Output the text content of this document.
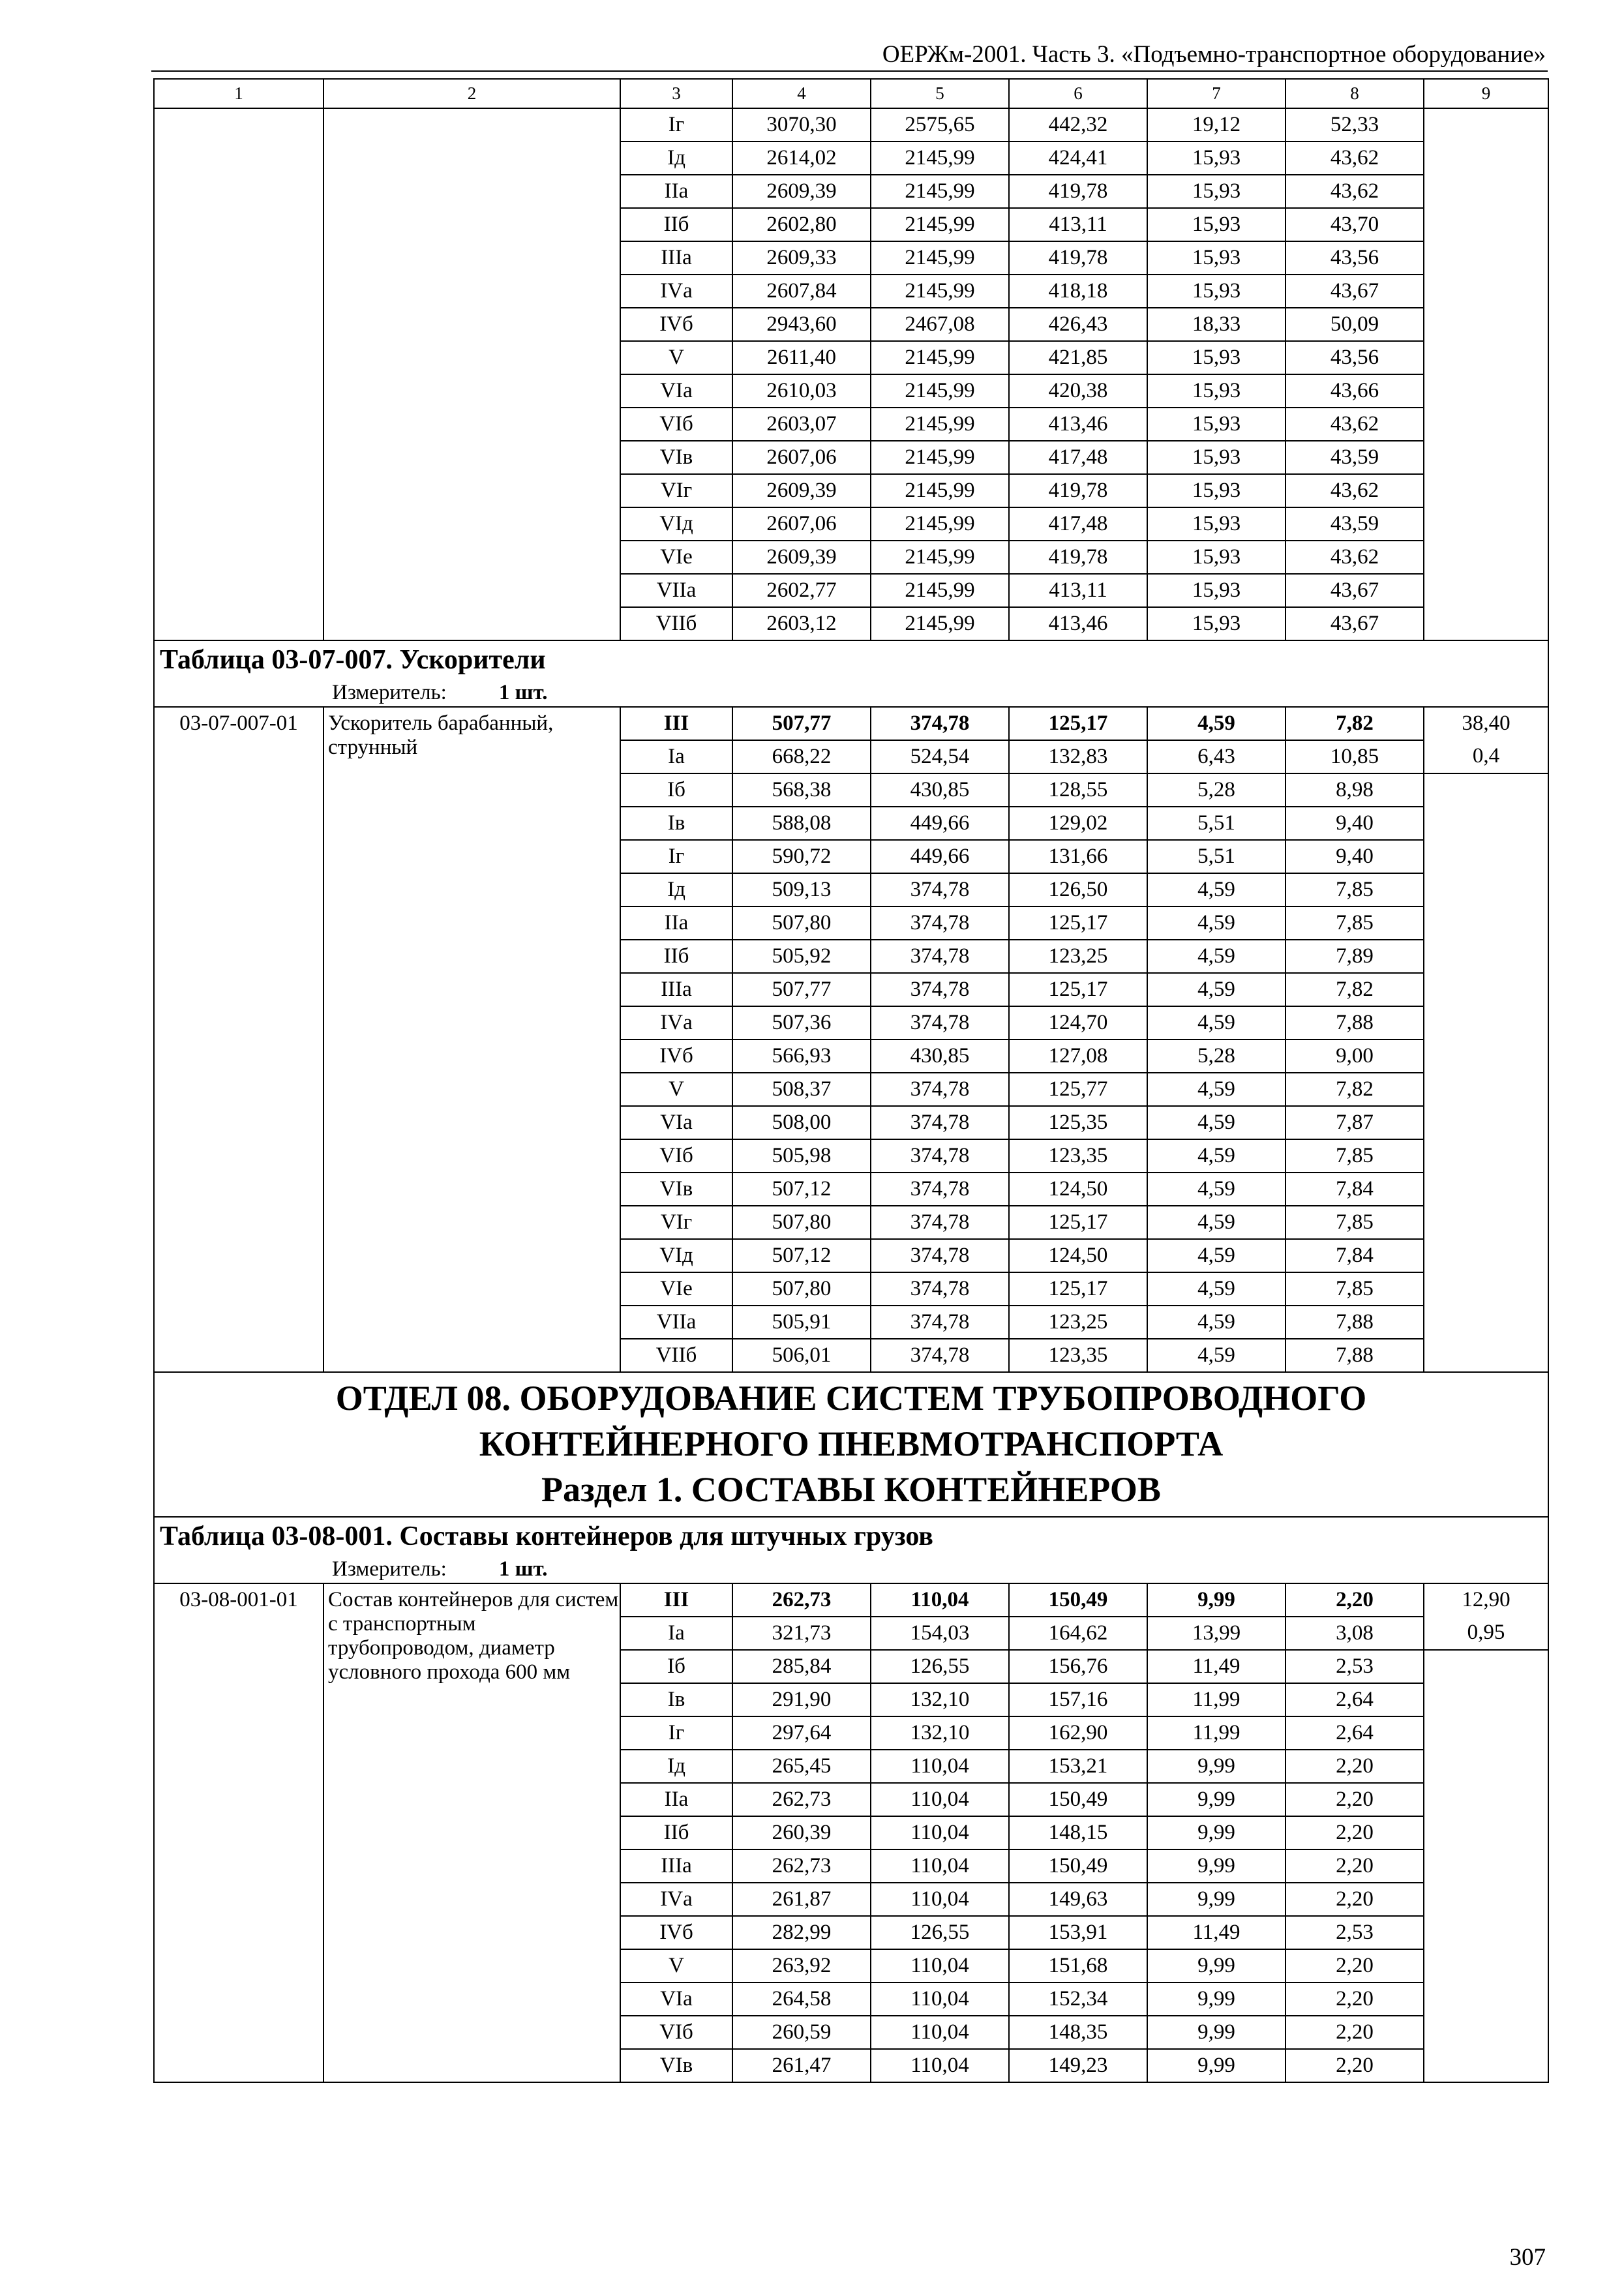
ОЕРЖм-2001. Часть 3. «Подъемно-транспортное оборудование»
1	2	3	4	5	6	7	8	9
		Iг	3070,30	2575,65	442,32	19,12	52,33	
		Iд	2614,02	2145,99	424,41	15,93	43,62	
		IIа	2609,39	2145,99	419,78	15,93	43,62	
		IIб	2602,80	2145,99	413,11	15,93	43,70	
		IIIа	2609,33	2145,99	419,78	15,93	43,56	
		IVа	2607,84	2145,99	418,18	15,93	43,67	
		IVб	2943,60	2467,08	426,43	18,33	50,09	
		V	2611,40	2145,99	421,85	15,93	43,56	
		VIа	2610,03	2145,99	420,38	15,93	43,66	
		VIб	2603,07	2145,99	413,46	15,93	43,62	
		VIв	2607,06	2145,99	417,48	15,93	43,59	
		VIг	2609,39	2145,99	419,78	15,93	43,62	
		VIд	2607,06	2145,99	417,48	15,93	43,59	
		VIе	2609,39	2145,99	419,78	15,93	43,62	
		VIIа	2602,77	2145,99	413,11	15,93	43,67	
		VIIб	2603,12	2145,99	413,46	15,93	43,67	
Таблица 03-07-007. Ускорители								
Измеритель: 1 шт.								
03-07-007-01	Ускоритель барабанный, струнный	III	507,77	374,78	125,17	4,59	7,82	38,40
		Iа	668,22	524,54	132,83	6,43	10,85	0,4
		Iб	568,38	430,85	128,55	5,28	8,98	
		Iв	588,08	449,66	129,02	5,51	9,40	
		Iг	590,72	449,66	131,66	5,51	9,40	
		Iд	509,13	374,78	126,50	4,59	7,85	
		IIа	507,80	374,78	125,17	4,59	7,85	
		IIб	505,92	374,78	123,25	4,59	7,89	
		IIIа	507,77	374,78	125,17	4,59	7,82	
		IVа	507,36	374,78	124,70	4,59	7,88	
		IVб	566,93	430,85	127,08	5,28	9,00	
		V	508,37	374,78	125,77	4,59	7,82	
		VIа	508,00	374,78	125,35	4,59	7,87	
		VIб	505,98	374,78	123,35	4,59	7,85	
		VIв	507,12	374,78	124,50	4,59	7,84	
		VIг	507,80	374,78	125,17	4,59	7,85	
		VIд	507,12	374,78	124,50	4,59	7,84	
		VIе	507,80	374,78	125,17	4,59	7,85	
		VIIа	505,91	374,78	123,25	4,59	7,88	
		VIIб	506,01	374,78	123,35	4,59	7,88	

ОТДЕЛ 08. ОБОРУДОВАНИЕ СИСТЕМ ТРУБОПРОВОДНОГО
КОНТЕЙНЕРНОГО ПНЕВМОТРАНСПОРТА
Раздел 1. СОСТАВЫ КОНТЕЙНЕРОВ								

Таблица 03-08-001. Составы контейнеров для штучных грузов								
Измеритель: 1 шт.								
03-08-001-01	Состав контейнеров для систем с транспортным трубопроводом, диаметр условного прохода 600 мм	III	262,73	110,04	150,49	9,99	2,20	12,90
		Iа	321,73	154,03	164,62	13,99	3,08	0,95
		Iб	285,84	126,55	156,76	11,49	2,53	
		Iв	291,90	132,10	157,16	11,99	2,64	
		Iг	297,64	132,10	162,90	11,99	2,64	
		Iд	265,45	110,04	153,21	9,99	2,20	
		IIа	262,73	110,04	150,49	9,99	2,20	
		IIб	260,39	110,04	148,15	9,99	2,20	
		IIIа	262,73	110,04	150,49	9,99	2,20	
		IVа	261,87	110,04	149,63	9,99	2,20	
		IVб	282,99	126,55	153,91	11,49	2,53	
		V	263,92	110,04	151,68	9,99	2,20	
		VIа	264,58	110,04	152,34	9,99	2,20	
		VIб	260,59	110,04	148,35	9,99	2,20	
		VIв	261,47	110,04	149,23	9,99	2,20	
307
